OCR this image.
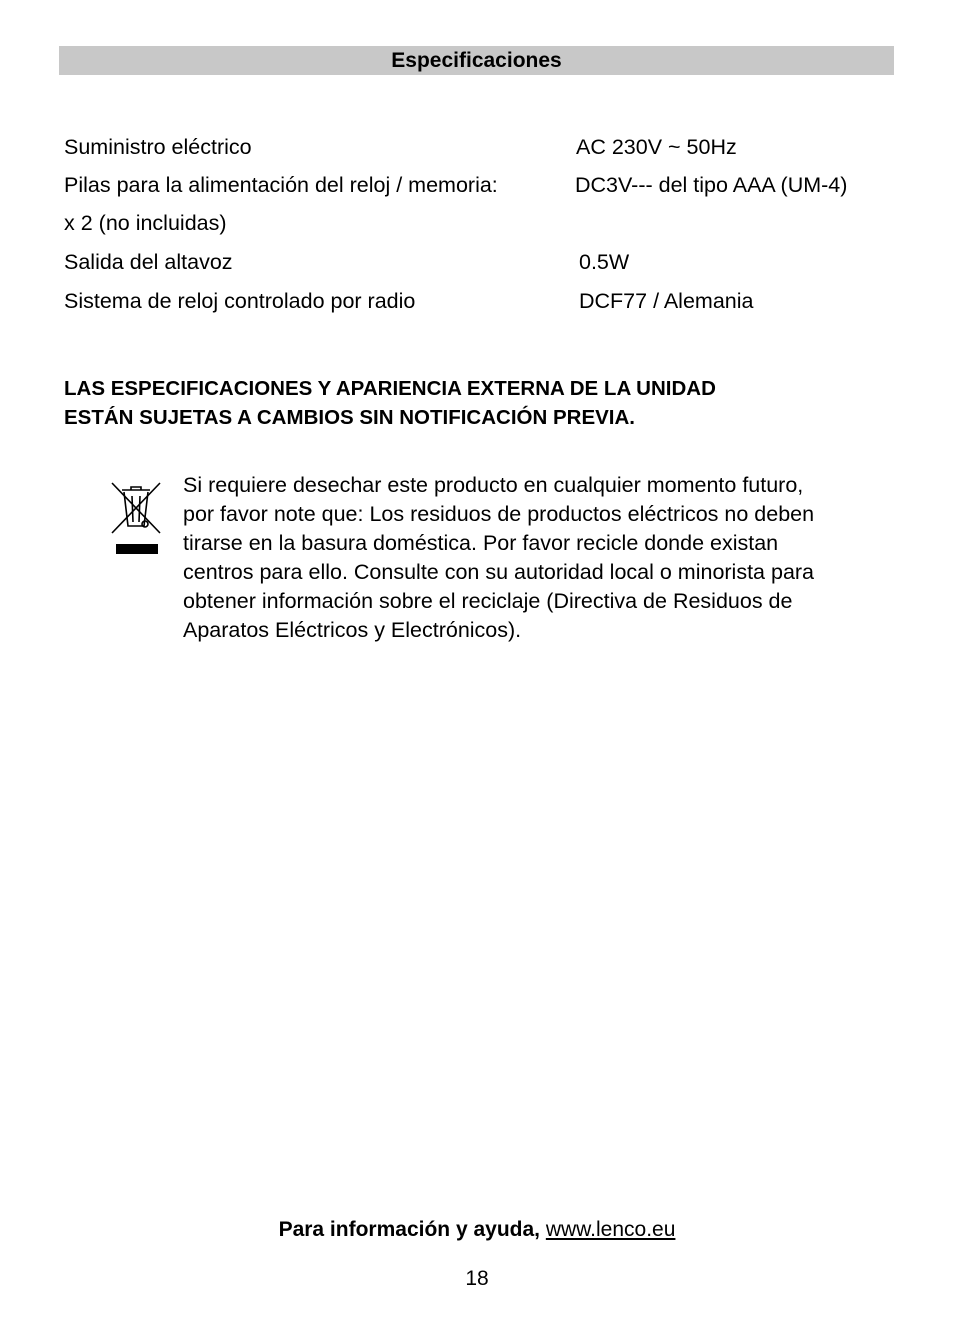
Especificaciones
Suministro eléctrico	AC 230V ~ 50Hz
Pilas para la alimentación del reloj / memoria:	DC3V--- del tipo AAA (UM-4)
x 2 (no incluidas)
Salida del altavoz	0.5W
Sistema de reloj controlado por radio	DCF77 / Alemania
LAS ESPECIFICACIONES Y APARIENCIA EXTERNA DE LA UNIDAD
ESTÁN SUJETAS A CAMBIOS SIN NOTIFICACIÓN PREVIA.
Si requiere desechar este producto en cualquier momento futuro,
por favor note que: Los residuos de productos eléctricos no deben
tirarse en la basura doméstica. Por favor recicle donde existan
centros para ello. Consulte con su autoridad local o minorista para
obtener información sobre el reciclaje (Directiva de Residuos de
Aparatos Eléctricos y Electrónicos).
Para información y ayuda, www.lenco.eu
18
